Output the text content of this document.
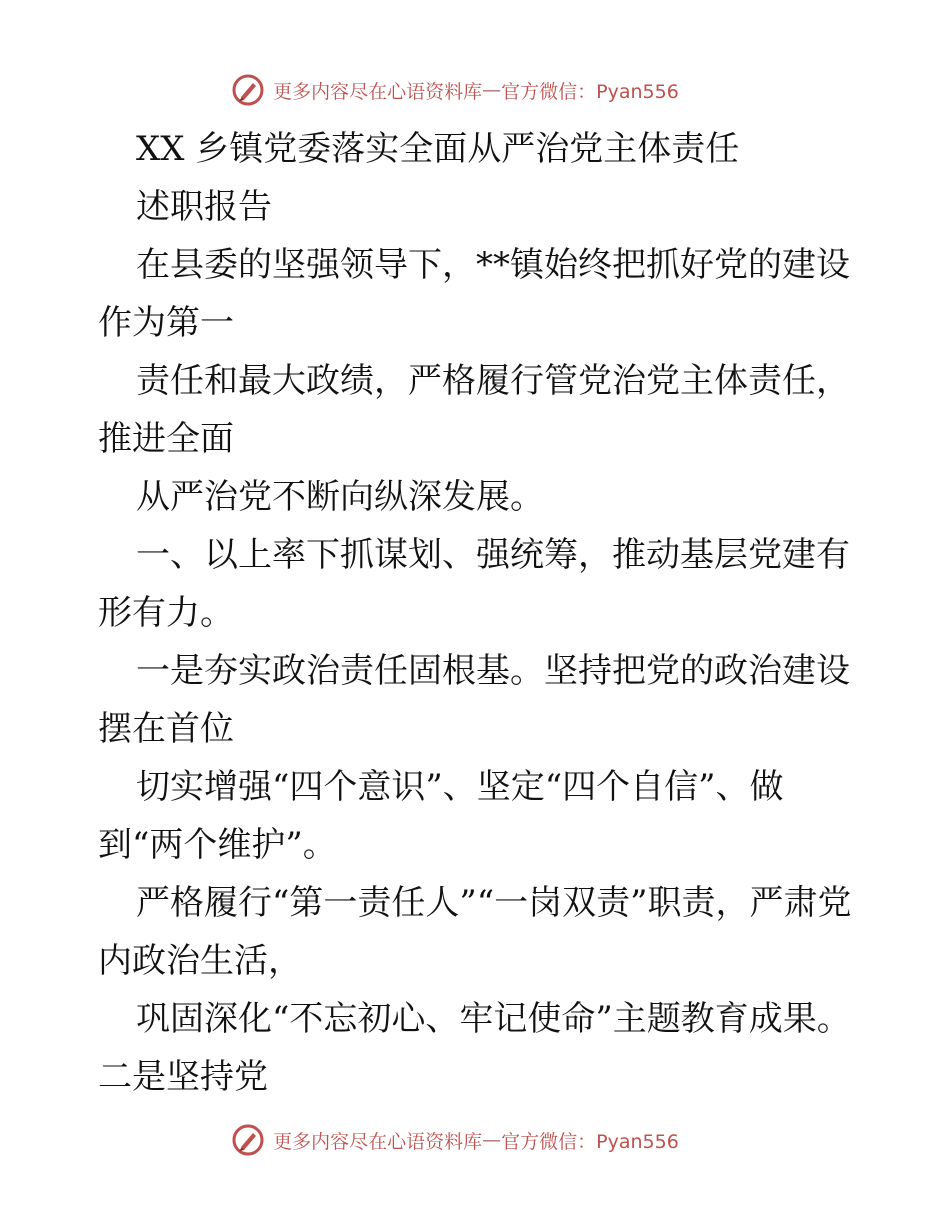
更多内容尽在心语资料库 — 官方微信：Pyan556

XX 乡镇党委落实全面从严治党主体责任

述职报告

在县委的坚强领导下，**镇始终把抓好党的建设作为第一

责任和最大政绩，严格履行管党治党主体责任，推进全面

从严治党不断向纵深发展。

一、以上率下抓谋划、强统筹，推动基层党建有形有力。

一是夯实政治责任固根基。坚持把党的政治建设摆在首位

切实增强“四个意识”、坚定“四个自信”、做到“两个维护”。

严格履行“第一责任人”“一岗双责”职责，严肃党内政治生活，

巩固深化“不忘初心、牢记使命”主题教育成果。二是坚持党

更多内容尽在心语资料库 — 官方微信：Pyan556
